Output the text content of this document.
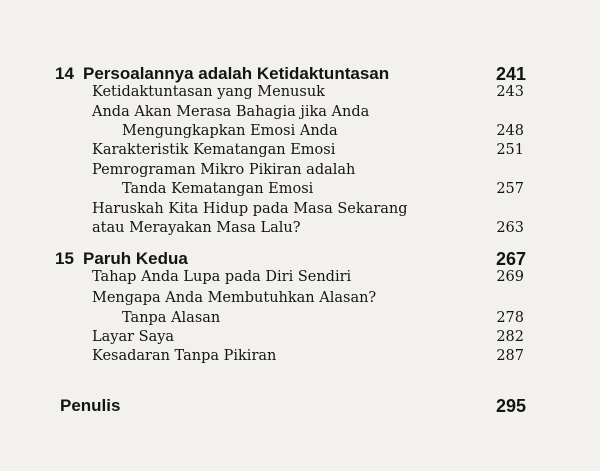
14 Persoalannya adalah Ketidaktuntasan	241
Ketidaktuntasan yang Menusuk	243
Anda Akan Merasa Bahagia jika Anda
Mengungkapkan Emosi Anda	248
Karakteristik Kematangan Emosi	251
Pemrograman Mikro Pikiran adalah
Tanda Kematangan Emosi	257
Haruskah Kita Hidup pada Masa Sekarang
atau Merayakan Masa Lalu?	263
15 Paruh Kedua	267
Tahap Anda Lupa pada Diri Sendiri	269
Mengapa Anda Membutuhkan Alasan?
Tanpa Alasan	278
Layar Saya	282
Kesadaran Tanpa Pikiran	287
Penulis	295
